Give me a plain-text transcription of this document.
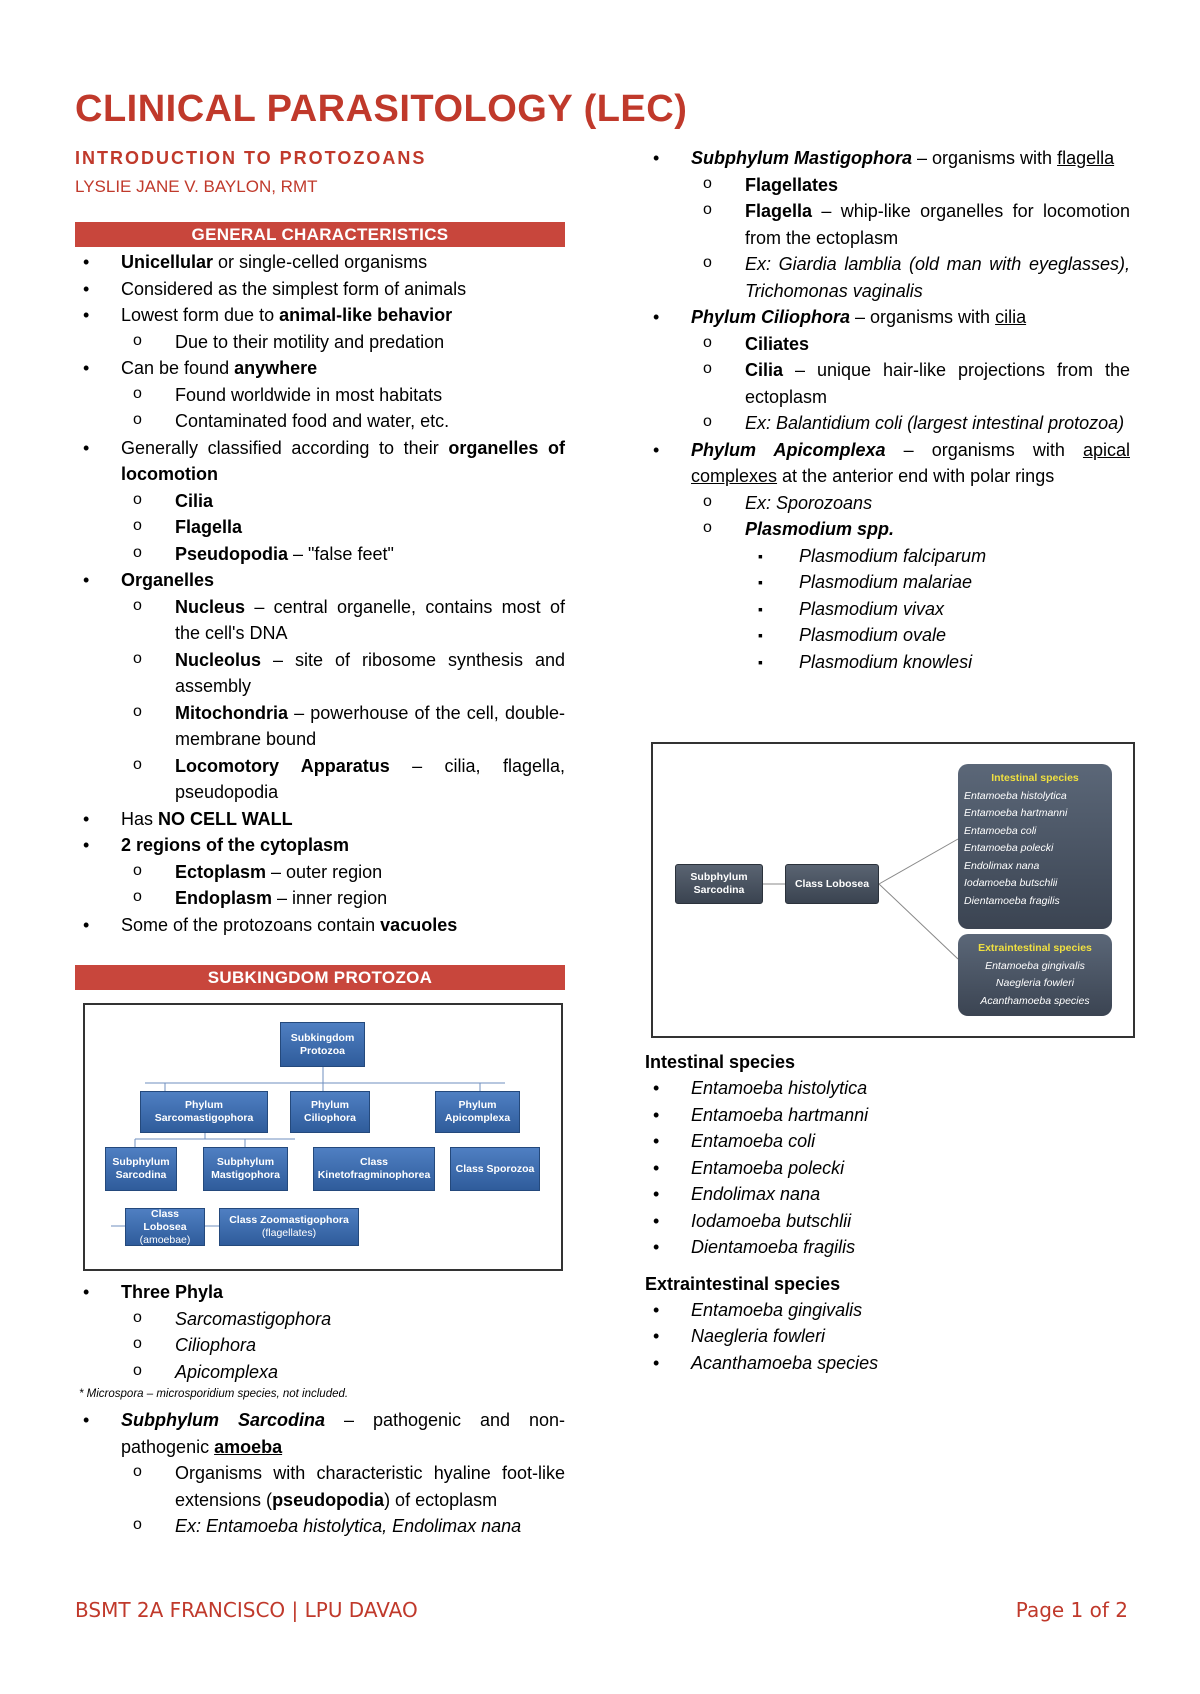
CLINICAL PARASITOLOGY (LEC)
INTRODUCTION TO PROTOZOANS
LYSLIE JANE V. BAYLON, RMT
GENERAL CHARACTERISTICS
• Unicellular or single-celled organisms
• Considered as the simplest form of animals
• Lowest form due to animal-like behavior
o Due to their motility and predation
• Can be found anywhere
o Found worldwide in most habitats
o Contaminated food and water, etc.
• Generally classified according to their organelles of locomotion
o Cilia
o Flagella
o Pseudopodia – "false feet"
• Organelles
o Nucleus – central organelle, contains most of the cell's DNA
o Nucleolus – site of ribosome synthesis and assembly
o Mitochondria – powerhouse of the cell, double-membrane bound
o Locomotory Apparatus – cilia, flagella, pseudopodia
• Has NO CELL WALL
• 2 regions of the cytoplasm
o Ectoplasm – outer region
o Endoplasm – inner region
• Some of the protozoans contain vacuoles
SUBKINGDOM PROTOZOA
Subkingdom Protozoa
Phylum Sarcomastigophora
Phylum Ciliophora
Phylum Apicomplexa
Subphylum Sarcodina
Subphylum Mastigophora
Class Kinetofragminophorea
Class Sporozoa
Class Lobosea
(amoebae)
Class Zoomastigophora
(flagellates)
• Three Phyla
o Sarcomastigophora
o Ciliophora
o Apicomplexa
* Microspora – microsporidium species, not included.
• Subphylum Sarcodina – pathogenic and non-pathogenic amoeba
o Organisms with characteristic hyaline foot-like extensions (pseudopodia) of ectoplasm
o Ex: Entamoeba histolytica, Endolimax nana
• Subphylum Mastigophora – organisms with flagella
o Flagellates
o Flagella – whip-like organelles for locomotion from the ectoplasm
o Ex: Giardia lamblia (old man with eyeglasses), Trichomonas vaginalis
• Phylum Ciliophora – organisms with cilia
o Ciliates
o Cilia – unique hair-like projections from the ectoplasm
o Ex: Balantidium coli (largest intestinal protozoa)
• Phylum Apicomplexa – organisms with apical complexes at the anterior end with polar rings
o Ex: Sporozoans
o Plasmodium spp.
▪ Plasmodium falciparum
▪ Plasmodium malariae
▪ Plasmodium vivax
▪ Plasmodium ovale
▪ Plasmodium knowlesi
Subphylum Sarcodina
Class Lobosea
Intestinal species
Entamoeba histolytica
Entamoeba hartmanni
Entamoeba coli
Entamoeba polecki
Endolimax nana
Iodamoeba butschlii
Dientamoeba fragilis
Extraintestinal species
Entamoeba gingivalis
Naegleria fowleri
Acanthamoeba species
Intestinal species
• Entamoeba histolytica
• Entamoeba hartmanni
• Entamoeba coli
• Entamoeba polecki
• Endolimax nana
• Iodamoeba butschlii
• Dientamoeba fragilis
Extraintestinal species
• Entamoeba gingivalis
• Naegleria fowleri
• Acanthamoeba species
BSMT 2A FRANCISCO | LPU DAVAO	Page 1 of 2
